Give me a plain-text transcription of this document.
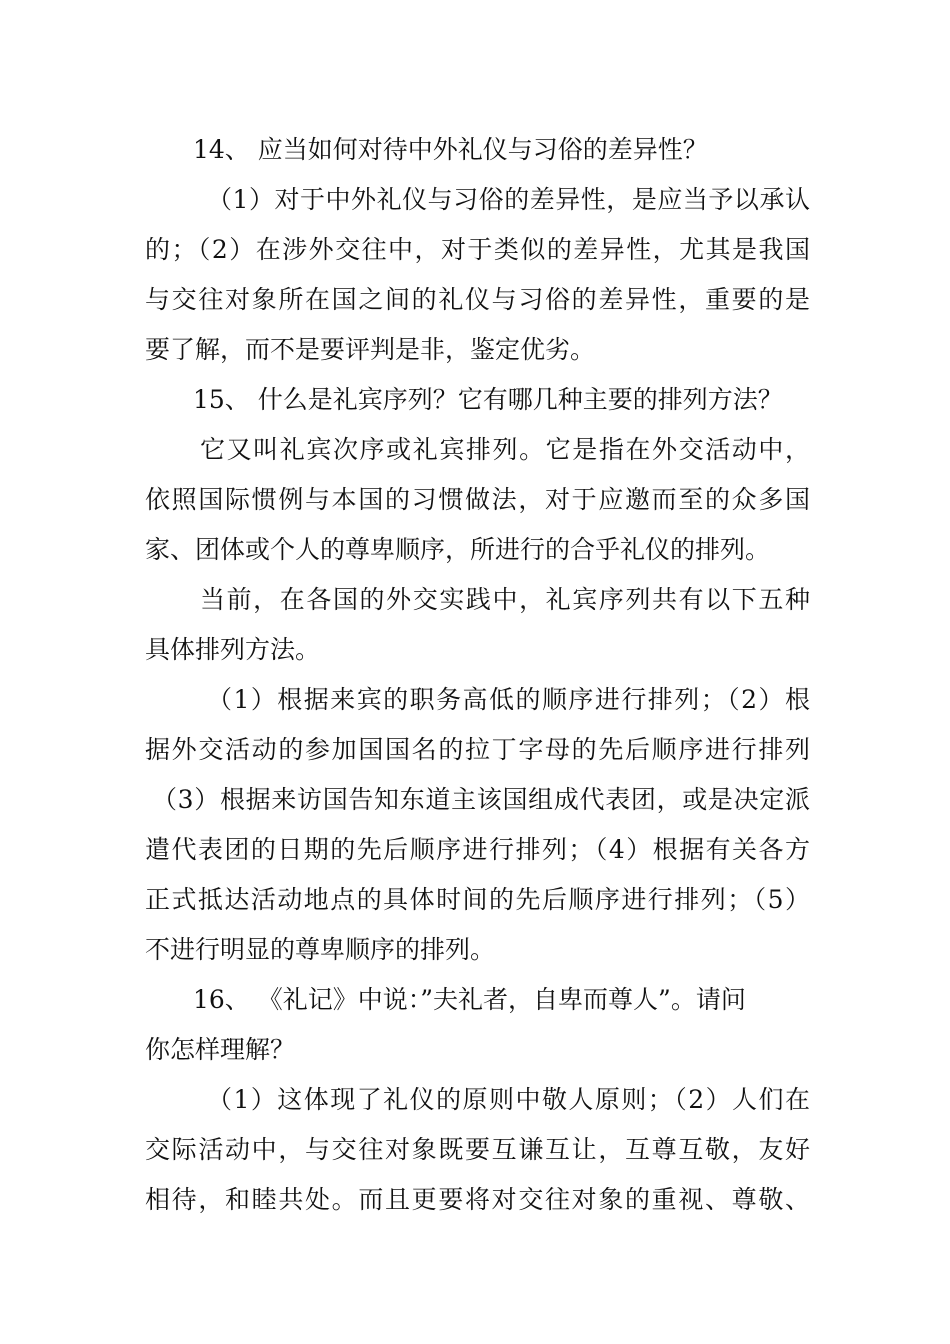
14、 应当如何对待中外礼仪与习俗的差异性？

（1）对于中外礼仪与习俗的差异性，是应当予以承认

的；（2）在涉外交往中，对于类似的差异性，尤其是我国

与交往对象所在国之间的礼仪与习俗的差异性，重要的是

要了解，而不是要评判是非，鉴定优劣。

15、 什么是礼宾序列？它有哪几种主要的排列方法？

它又叫礼宾次序或礼宾排列。它是指在外交活动中，

依照国际惯例与本国的习惯做法，对于应邀而至的众多国

家、团体或个人的尊卑顺序，所进行的合乎礼仪的排列。

当前，在各国的外交实践中，礼宾序列共有以下五种

具体排列方法。

（1）根据来宾的职务高低的顺序进行排列；（2）根

据外交活动的参加国国名的拉丁字母的先后顺序进行排列

（3）根据来访国告知东道主该国组成代表团，或是决定派

遣代表团的日期的先后顺序进行排列；（4）根据有关各方

正式抵达活动地点的具体时间的先后顺序进行排列；（5）

不进行明显的尊卑顺序的排列。

16、 《礼记》中说：”夫礼者，自卑而尊人”。请问

你怎样理解？

（1）这体现了礼仪的原则中敬人原则；（2）人们在

交际活动中，与交往对象既要互谦互让，互尊互敬，友好

相待，和睦共处。而且更要将对交往对象的重视、尊敬、
